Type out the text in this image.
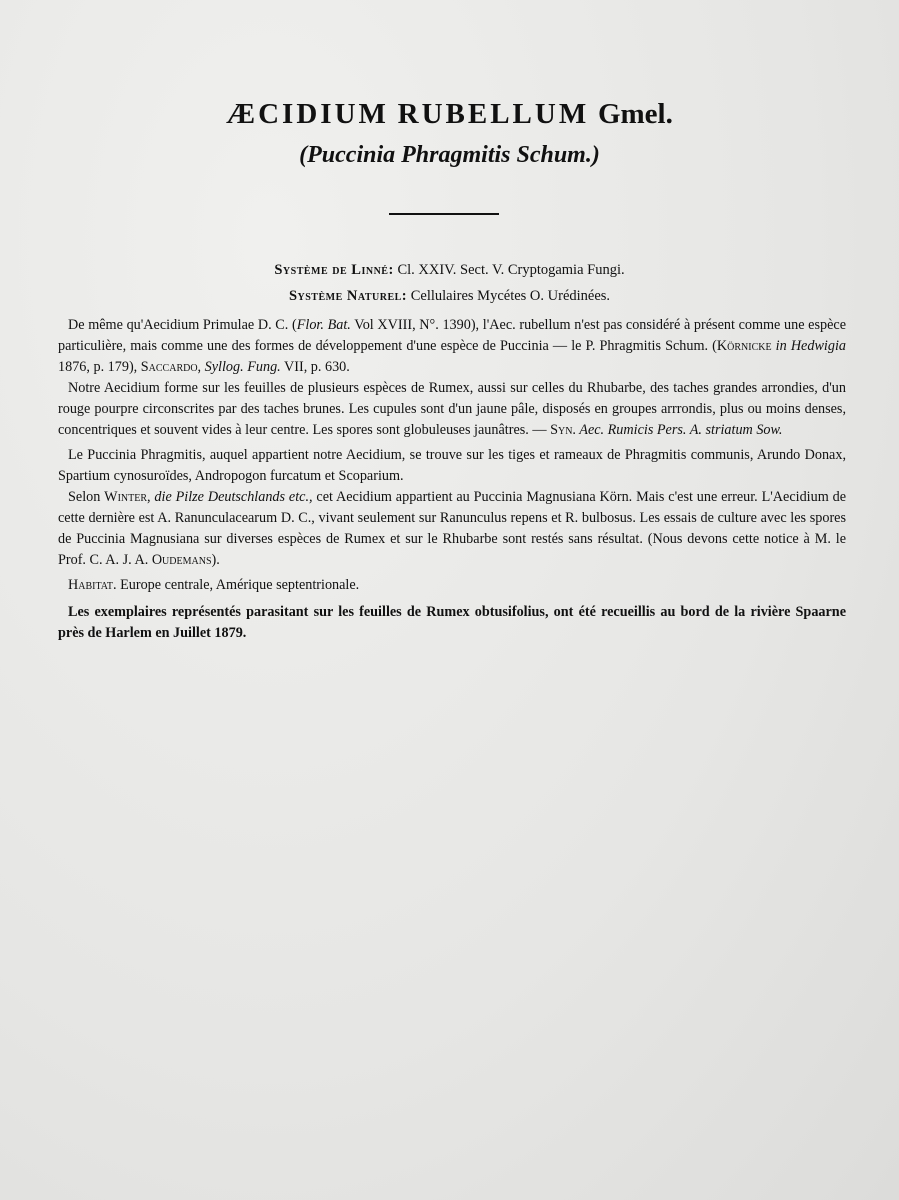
ÆCIDIUM RUBELLUM Gmel.
(Puccinia Phragmitis Schum.)
Système de Linné: Cl. XXIV. Sect. V. Cryptogamia Fungi.
Système Naturel: Cellulaires Mycétes O. Urédinées.

De même qu'Aecidium Primulae D. C. (Flor. Bat. Vol XVIII, N°. 1390), l'Aec. rubellum n'est pas considéré à présent comme une espèce particulière, mais comme une des formes de développement d'une espèce de Puccinia — le P. Phragmitis Schum. (Körnicke in Hedwigia 1876, p. 179), Saccardo, Syllog. Fung. VII, p. 630.

Notre Aecidium forme sur les feuilles de plusieurs espèces de Rumex, aussi sur celles du Rhubarbe, des taches grandes arrondies, d'un rouge pourpre circonscrites par des taches brunes. Les cupules sont d'un jaune pâle, disposés en groupes arrrondis, plus ou moins denses, concentriques et souvent vides à leur centre. Les spores sont globuleuses jaunâtres. — Syn. Aec. Rumicis Pers. A. striatum Sow.

Le Puccinia Phragmitis, auquel appartient notre Aecidium, se trouve sur les tiges et rameaux de Phragmitis communis, Arundo Donax, Spartium cynosuroïdes, Andropogon furcatum et Scoparium.

Selon Winter, die Pilze Deutschlands etc., cet Aecidium appartient au Puccinia Magnusiana Körn. Mais c'est une erreur. L'Aecidium de cette dernière est A. Ranunculacearum D. C., vivant seulement sur Ranunculus repens et R. bulbosus. Les essais de culture avec les spores de Puccinia Magnusiana sur diverses espèces de Rumex et sur le Rhubarbe sont restés sans résultat. (Nous devons cette notice à M. le Prof. C. A. J. A. Oudemans).

Habitat. Europe centrale, Amérique septentrionale.

Les exemplaires représentés parasitant sur les feuilles de Rumex obtusifolius, ont été recueillis au bord de la rivière Spaarne près de Harlem en Juillet 1879.
